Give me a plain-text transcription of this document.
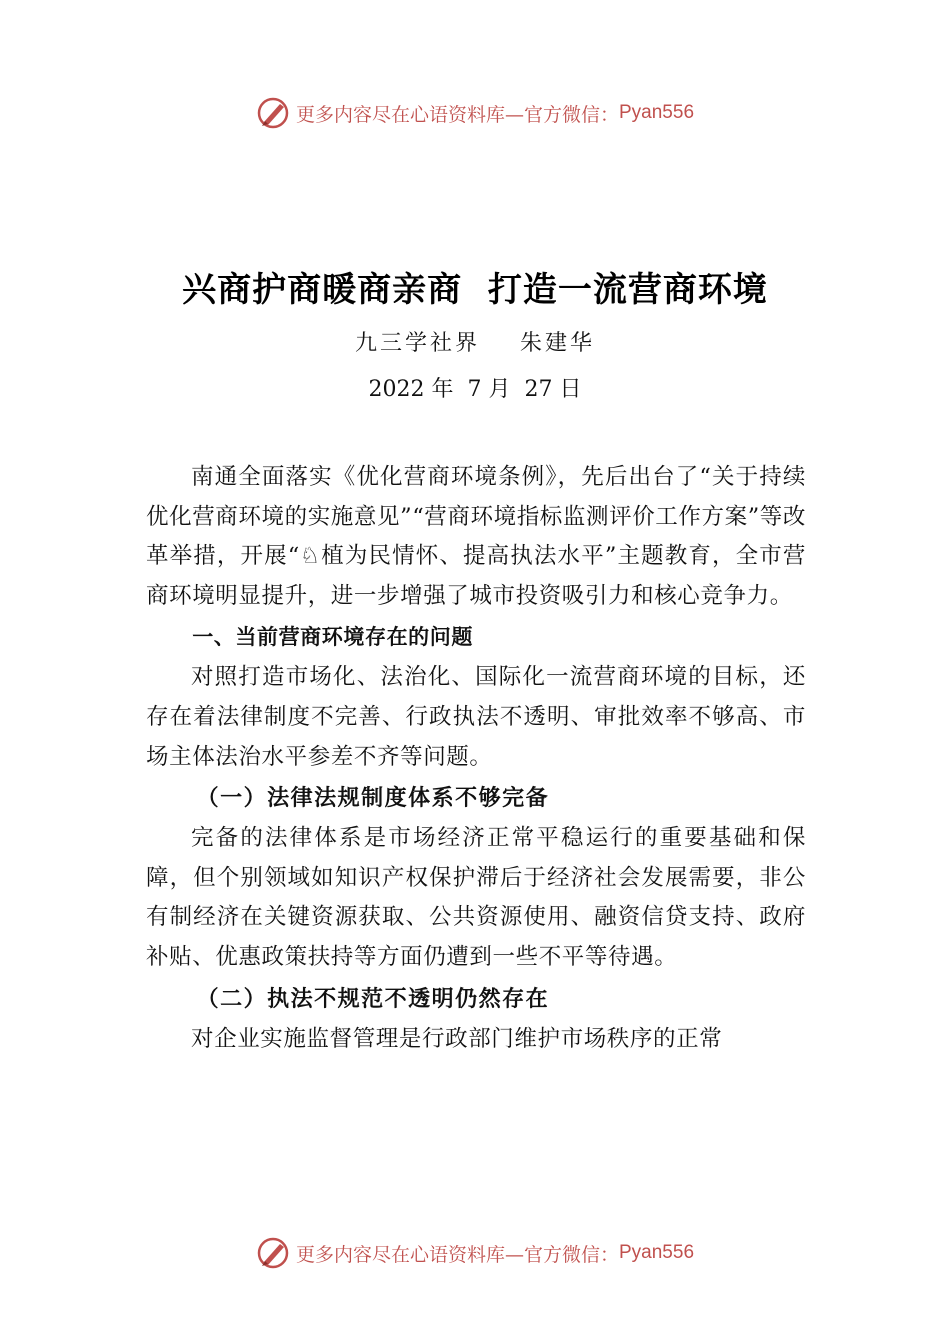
更多内容尽在心语资料库—官方微信： Pyan556
兴商护商暖商亲商  打造一流营商环境
九三学社界    朱建华
2022 年  7 月  27 日

南通全面落实《优化营商环境条例》，先后出台了“关于持续优化营商环境的实施意见”“营商环境指标监测评价工作方案”等改革举措，开展“♘植为民情怀、提高执法水平”主题教育，全市营商环境明显提升，进一步增强了城市投资吸引力和核心竞争力。

一、当前营商环境存在的问题

对照打造市场化、法治化、国际化一流营商环境的目标，还存在着法律制度不完善、行政执法不透明、审批效率不够高、市场主体法治水平参差不齐等问题。

（一）法律法规制度体系不够完备

完备的法律体系是市场经济正常平稳运行的重要基础和保障，但个别领域如知识产权保护滞后于经济社会发展需要，非公有制经济在关键资源获取、公共资源使用、融资信贷支持、政府补贴、优惠政策扶持等方面仍遭到一些不平等待遇。

（二）执法不规范不透明仍然存在

对企业实施监督管理是行政部门维护市场秩序的正常

更多内容尽在心语资料库—官方微信： Pyan556
